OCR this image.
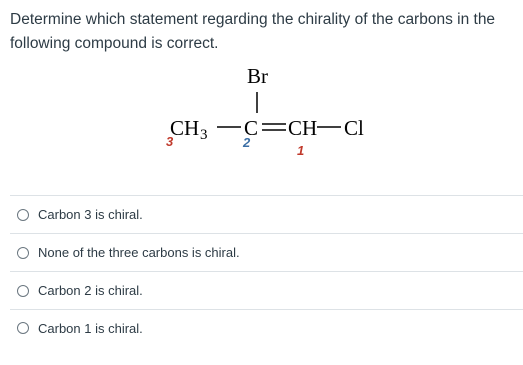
Determine which statement regarding the chirality of the carbons in the following compound is correct.
Br
CH 3 C CH Cl
3	2
1
Carbon 3 is chiral.
None of the three carbons is chiral.
Carbon 2 is chiral.
Carbon 1 is chiral.
